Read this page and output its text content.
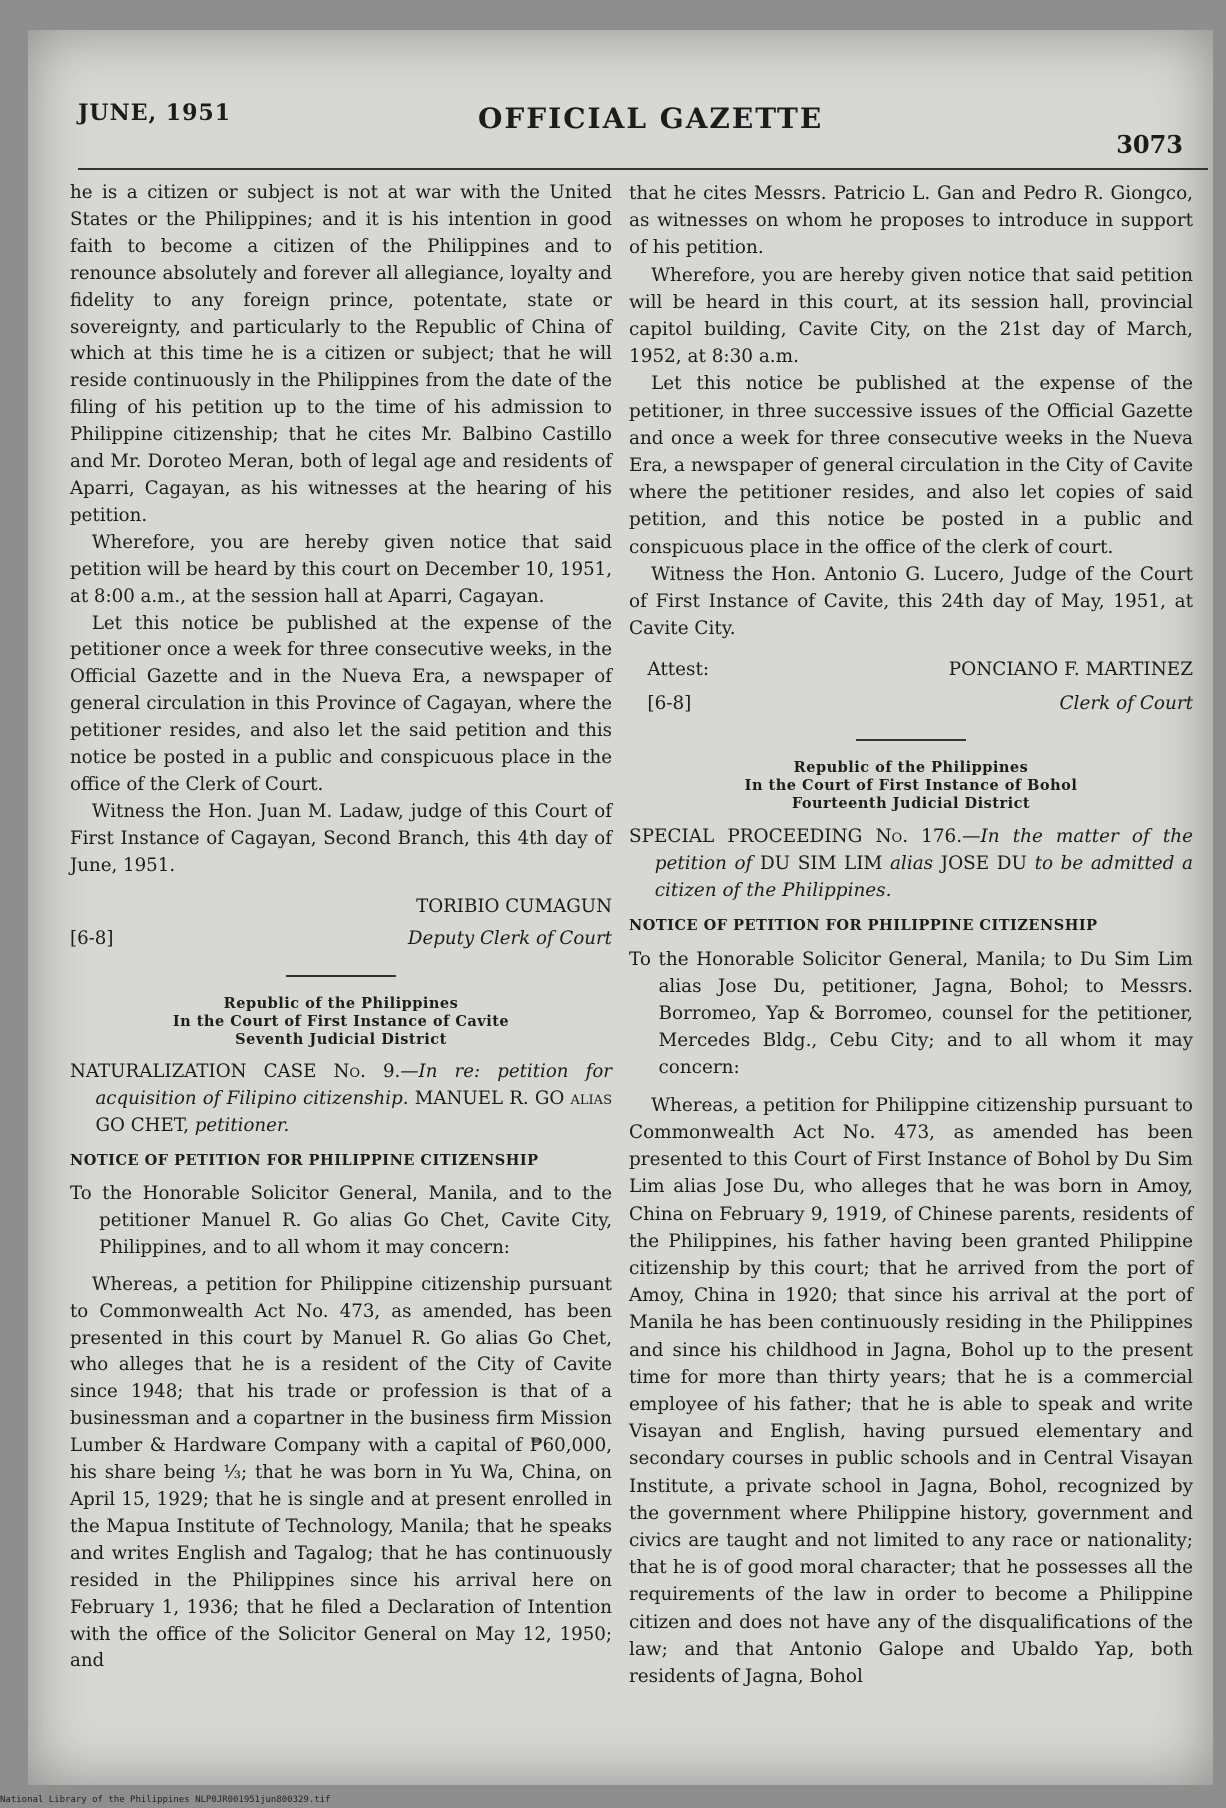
JUNE, 1951	OFFICIAL GAZETTE
3073

he is a citizen or subject is not at war with the United States or the Philippines; and it is his intention in good faith to become a citizen of the Philippines and to renounce absolutely and forever all allegiance, loyalty and fidelity to any foreign prince, potentate, state or sovereignty, and particularly to the Republic of China of which at this time he is a citizen or subject; that he will reside continuously in the Philippines from the date of the filing of his petition up to the time of his admission to Philippine citizenship; that he cites Mr. Balbino Castillo and Mr. Doroteo Meran, both of legal age and residents of Aparri, Cagayan, as his witnesses at the hearing of his petition.

Wherefore, you are hereby given notice that said petition will be heard by this court on December 10, 1951, at 8:00 a.m., at the session hall at Aparri, Cagayan.

Let this notice be published at the expense of the petitioner once a week for three consecutive weeks, in the Official Gazette and in the Nueva Era, a newspaper of general circulation in this Province of Cagayan, where the petitioner resides, and also let the said petition and this notice be posted in a public and conspicuous place in the office of the Clerk of Court.

Witness the Hon. Juan M. Ladaw, judge of this Court of First Instance of Cagayan, Second Branch, this 4th day of June, 1951.

TORIBIO CUMAGUN
[6-8]	Deputy Clerk of Court
Republic of the Philippines
In the Court of First Instance of Cavite
Seventh Judicial District

NATURALIZATION CASE No. 9.—In re: petition for acquisition of Filipino citizenship. MANUEL R. GO alias GO CHET, petitioner.

NOTICE OF PETITION FOR PHILIPPINE CITIZENSHIP

To the Honorable Solicitor General, Manila, and to the petitioner Manuel R. Go alias Go Chet, Cavite City, Philippines, and to all whom it may concern:

Whereas, a petition for Philippine citizenship pursuant to Commonwealth Act No. 473, as amended, has been presented in this court by Manuel R. Go alias Go Chet, who alleges that he is a resident of the City of Cavite since 1948; that his trade or profession is that of a businessman and a copartner in the business firm Mission Lumber & Hardware Company with a capital of ₱60,000, his share being ⅓; that he was born in Yu Wa, China, on April 15, 1929; that he is single and at present enrolled in the Mapua Institute of Technology, Manila; that he speaks and writes English and Tagalog; that he has continuously resided in the Philippines since his arrival here on February 1, 1936; that he filed a Declaration of Intention with the office of the Solicitor General on May 12, 1950; and

that he cites Messrs. Patricio L. Gan and Pedro R. Giongco, as witnesses on whom he proposes to introduce in support of his petition.

Wherefore, you are hereby given notice that said petition will be heard in this court, at its session hall, provincial capitol building, Cavite City, on the 21st day of March, 1952, at 8:30 a.m.

Let this notice be published at the expense of the petitioner, in three successive issues of the Official Gazette and once a week for three consecutive weeks in the Nueva Era, a newspaper of general circulation in the City of Cavite where the petitioner resides, and also let copies of said petition, and this notice be posted in a public and conspicuous place in the office of the clerk of court.

Witness the Hon. Antonio G. Lucero, Judge of the Court of First Instance of Cavite, this 24th day of May, 1951, at Cavite City.

Attest:	PONCIANO F. MARTINEZ
[6-8]	Clerk of Court
Republic of the Philippines
In the Court of First Instance of Bohol
Fourteenth Judicial District

SPECIAL PROCEEDING No. 176.—In the matter of the petition of DU SIM LIM alias JOSE DU to be admitted a citizen of the Philippines.

NOTICE OF PETITION FOR PHILIPPINE CITIZENSHIP

To the Honorable Solicitor General, Manila; to Du Sim Lim alias Jose Du, petitioner, Jagna, Bohol; to Messrs. Borromeo, Yap & Borromeo, counsel for the petitioner, Mercedes Bldg., Cebu City; and to all whom it may concern:

Whereas, a petition for Philippine citizenship pursuant to Commonwealth Act No. 473, as amended has been presented to this Court of First Instance of Bohol by Du Sim Lim alias Jose Du, who alleges that he was born in Amoy, China on February 9, 1919, of Chinese parents, residents of the Philippines, his father having been granted Philippine citizenship by this court; that he arrived from the port of Amoy, China in 1920; that since his arrival at the port of Manila he has been continuously residing in the Philippines and since his childhood in Jagna, Bohol up to the present time for more than thirty years; that he is a commercial employee of his father; that he is able to speak and write Visayan and English, having pursued elementary and secondary courses in public schools and in Central Visayan Institute, a private school in Jagna, Bohol, recognized by the government where Philippine history, government and civics are taught and not limited to any race or nationality; that he is of good moral character; that he possesses all the requirements of the law in order to become a Philippine citizen and does not have any of the disqualifications of the law; and that Antonio Galope and Ubaldo Yap, both residents of Jagna, Bohol

National Library of the Philippines NLP0JR001951jun800329.tif
